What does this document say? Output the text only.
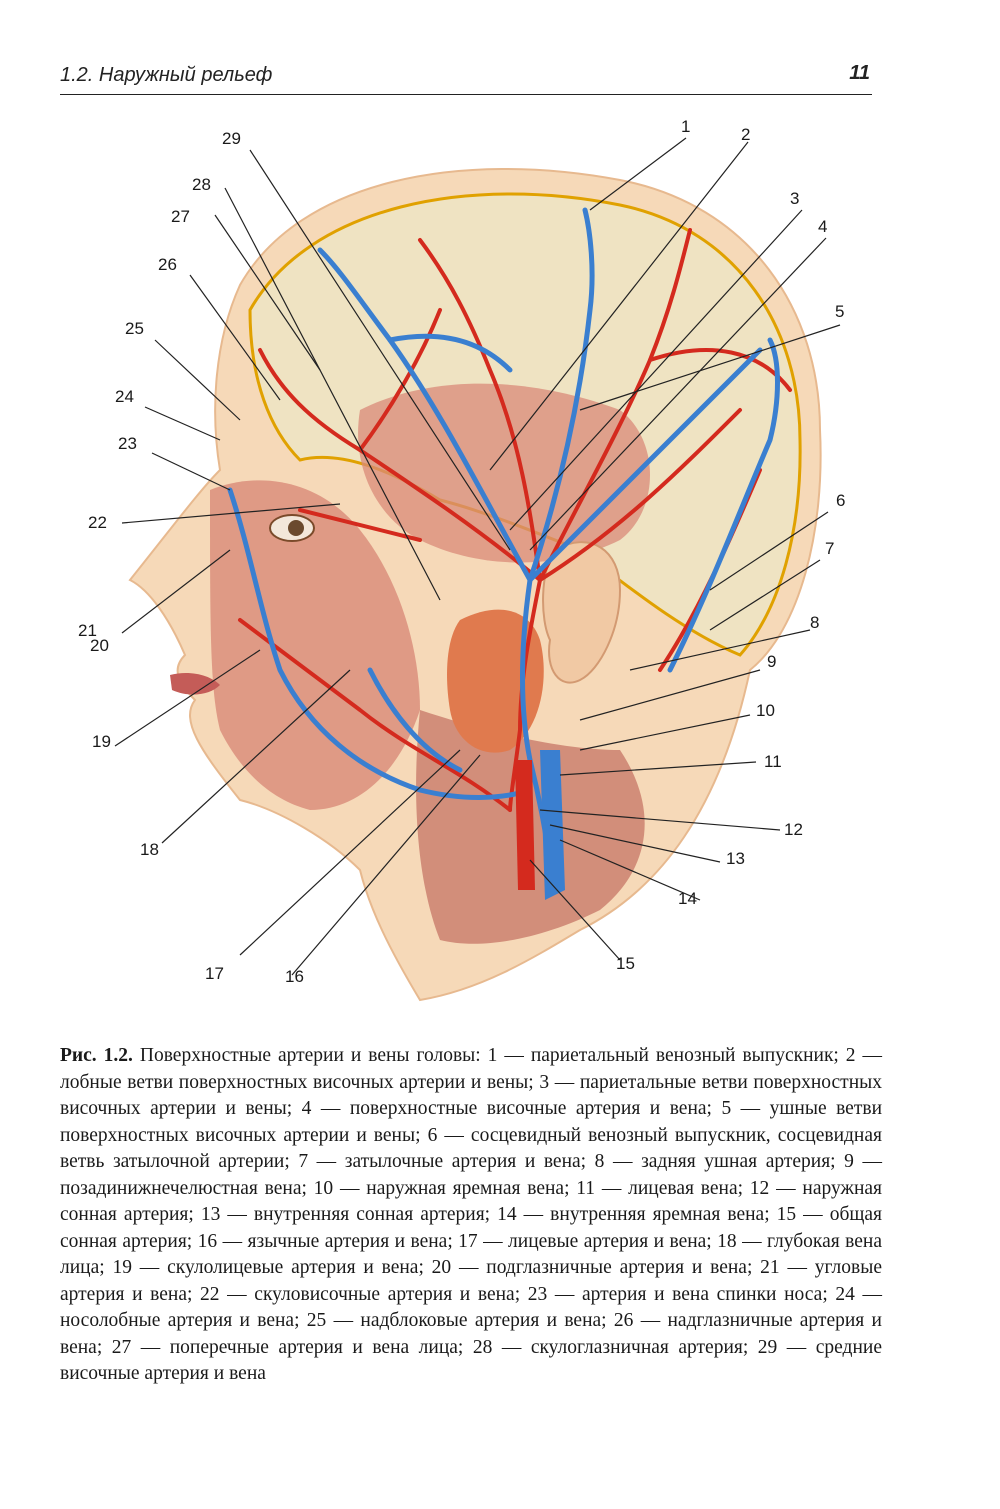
1.2. Наружный рельеф	11
1	2
3
4
5
6
7
8
9
10
11
12
13
14
15
16
17
18
19
20
21
22
23
24
25
26
27
28
29
Рис. 1.2. Поверхностные артерии и вены головы: 1 — париетальный венозный выпускник; 2 — лобные ветви поверхностных височных артерии и вены; 3 — париетальные ветви поверхностных височных артерии и вены; 4 — поверхностные височные артерия и вена; 5 — ушные ветви поверхностных височных артерии и вены; 6 — сосцевидный венозный выпускник, сосцевидная ветвь затылочной артерии; 7 — затылочные артерия и вена; 8 — задняя ушная артерия; 9 — позадинижнечелюстная вена; 10 — наружная яремная вена; 11 — лицевая вена; 12 — наружная сонная артерия; 13 — внутренняя сонная артерия; 14 — внутренняя яремная вена; 15 — общая сонная артерия; 16 — язычные артерия и вена; 17 — лицевые артерия и вена; 18 — глубокая вена лица; 19 — скулолицевые артерия и вена; 20 — подглазничные артерия и вена; 21 — угловые артерия и вена; 22 — скуловисочные артерия и вена; 23 — артерия и вена спинки носа; 24 — носолобные артерия и вена; 25 — надблоковые артерия и вена; 26 — надглазничные артерия и вена; 27 — поперечные артерия и вена лица; 28 — скулоглазничная артерия; 29 — средние височные артерия и вена
